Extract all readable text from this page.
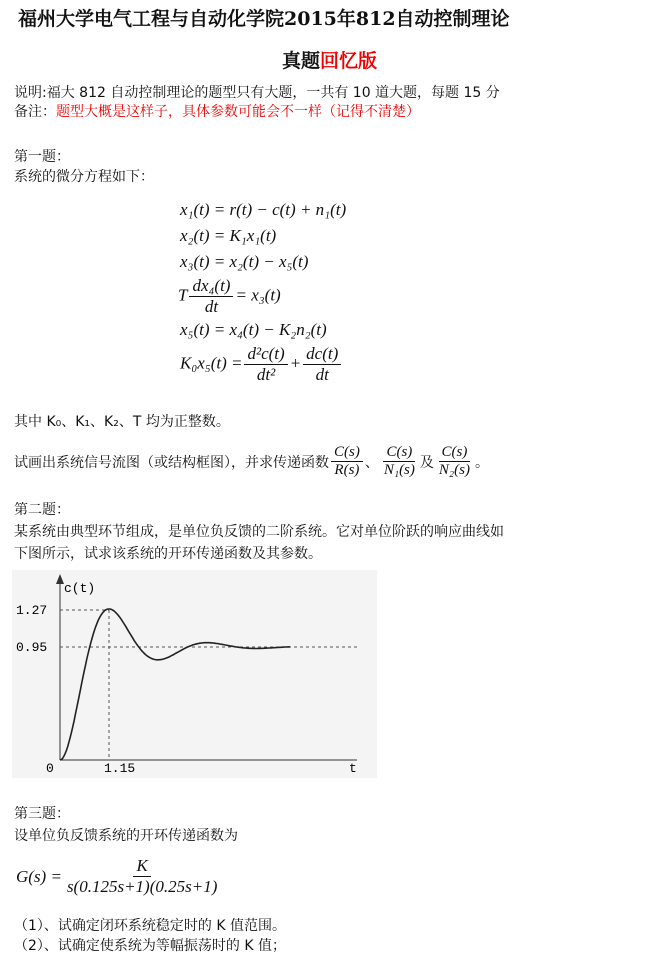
福州大学电气工程与自动化学院2015年812自动控制理论
真题回忆版
说明:福大 812 自动控制理论的题型只有大题，一共有 10 道大题，每题 15 分
备注：题型大概是这样子，具体参数可能会不一样（记得不清楚）
第一题：
系统的微分方程如下：
x₁(t) = r(t) − c(t) + n₁(t)
x₂(t) = K₁x₁(t)
x₃(t) = x₂(t) − x₅(t)
T $\frac{\text{dx₄(t)}}{dt} = x_3(t)$
x₅(t) = x₄(t) − K₂n₂(t)
$K_0x_5(t) = \frac{\text{d²c(t)}}{\text{dt²}} + \frac{dc(t)}{dt}$
其中 K₀、K₁、K₂、T 均为正整数。
试画出系统信号流图（或结构框图），并求传递函数 $\frac{C(s)}{R(s)}$ 、 $\frac{C(s)}{\text{N₁(s)}}$ 及 $\frac{C(s)}{\text{N₂(s)}}$ 。
第二题：
某系统由典型环节组成，是单位负反馈的二阶系统。它对单位阶跃的响应曲线如
下图所示，试求该系统的开环传递函数及其参数。
c(t)
1.27
0.95
0	1.15	t
第三题：
设单位负反馈系统的开环传递函数为
$G(s) = \frac{K}{s(0.125s+1)(0.25s+1)}$
（1）、试确定闭环系统稳定时的 K 值范围。
（2）、试确定使系统为等幅振荡时的 K 值；
